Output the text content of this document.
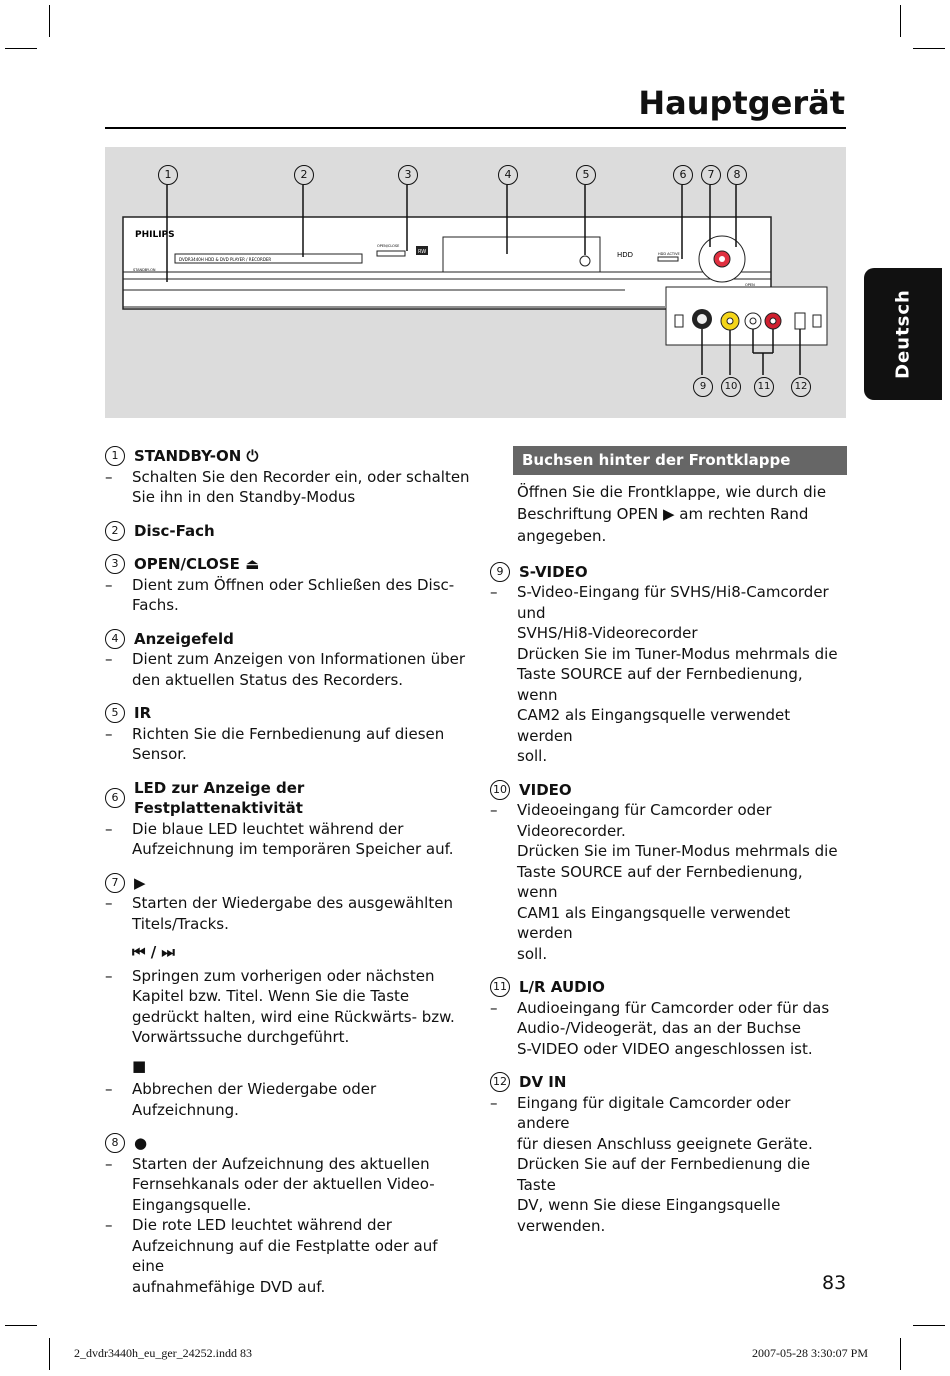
Hauptgerät
PHILIPS
DVDR3440H HDD & DVD PLAYER / RECORDER
STANDBY-ON
OPEN/CLOSE
RW	HDD	HDD ACTIVE
OPEN
1	2	3	4	5	6	7	8
9	10	11	12
Deutsch
1	STANDBY-ON ⏻
– Schalten Sie den Recorder ein, oder schalten
Sie ihn in den Standby-Modus
2	Disc-Fach
3	OPEN/CLOSE ⏏
– Dient zum Öffnen oder Schließen des Disc-
Fachs.
4	Anzeigefeld
– Dient zum Anzeigen von Informationen über
den aktuellen Status des Recorders.
5	IR
– Richten Sie die Fernbedienung auf diesen Sensor.
6
LED zur Anzeige der Festplattenaktivität
– Die blaue LED leuchtet während der
Aufzeichnung im temporären Speicher auf.
7	▶
– Starten der Wiedergabe des ausgewählten
Titels/Tracks.
⏮ / ⏭
– Springen zum vorherigen oder nächsten
Kapitel bzw. Titel. Wenn Sie die Taste
gedrückt halten, wird eine Rückwärts- bzw.
Vorwärtssuche durchgeführt.
■
– Abbrechen der Wiedergabe oder
Aufzeichnung.
8	●
– Starten der Aufzeichnung des aktuellen
Fernsehkanals oder der aktuellen Video-
Eingangsquelle.
– Die rote LED leuchtet während der
Aufzeichnung auf die Festplatte oder auf eine
aufnahmefähige DVD auf.
Buchsen hinter der Frontklappe
Öffnen Sie die Frontklappe, wie durch die
Beschriftung OPEN ▶ am rechten Rand
angegeben.
9	S-VIDEO
– S-Video-Eingang für SVHS/Hi8-Camcorder und
SVHS/Hi8-Videorecorder
Drücken Sie im Tuner-Modus mehrmals die
Taste SOURCE auf der Fernbedienung, wenn
CAM2 als Eingangsquelle verwendet werden
soll.
10 VIDEO
– Videoeingang für Camcorder oder
Videorecorder.
Drücken Sie im Tuner-Modus mehrmals die
Taste SOURCE auf der Fernbedienung, wenn
CAM1 als Eingangsquelle verwendet werden
soll.
11 L/R AUDIO
– Audioeingang für Camcorder oder für das
Audio-/Videogerät, das an der Buchse
S-VIDEO oder VIDEO angeschlossen ist.
12 DV IN
– Eingang für digitale Camcorder oder andere
für diesen Anschluss geeignete Geräte.
Drücken Sie auf der Fernbedienung die Taste
DV, wenn Sie diese Eingangsquelle verwenden.
83
2_dvdr3440h_eu_ger_24252.indd 83	2007-05-28 3:30:07 PM
